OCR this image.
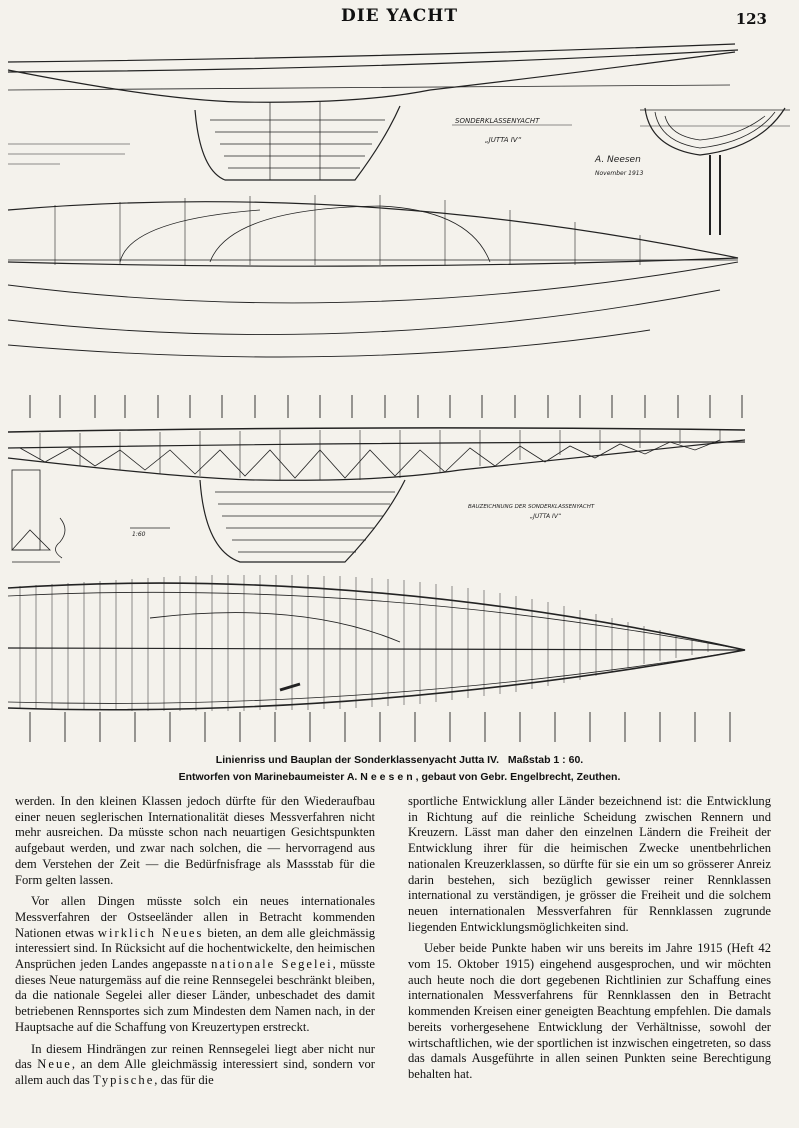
DIE YACHT	123
SONDERKLASSENYACHT
„JUTTA IV“
A. Neesen
November 1913
BAUZEICHNUNG DER SONDERKLASSENYACHT
„JUTTA IV“
1:60
Linienriss und Bauplan der Sonderklassenyacht Jutta IV. Maßstab 1 : 60.
Entworfen von Marinebaumeister A. Neesen, gebaut von Gebr. Engelbrecht, Zeuthen.

werden. In den kleinen Klassen jedoch dürfte für den Wiederaufbau einer neuen seglerischen Internationalität dieses Messverfahren nicht mehr ausreichen. Da müsste schon nach neuartigen Gesichtspunkten aufgebaut werden, und zwar nach solchen, die — hervorragend aus dem Verstehen der Zeit — die Bedürfnisfrage als Massstab für die Form gelten lassen.

Vor allen Dingen müsste solch ein neues internationales Messverfahren der Ostseeländer allen in Betracht kommenden Nationen etwas wirklich Neues bieten, an dem alle gleichmässig interessiert sind. In Rücksicht auf die hochentwickelte, den heimischen Ansprüchen jeden Landes angepasste nationale Segelei, müsste dieses Neue naturgemäss auf die reine Rennsegelei beschränkt bleiben, da die nationale Segelei aller dieser Länder, unbeschadet des damit betriebenen Rennsportes sich zum Mindesten dem Namen nach, in der Hauptsache auf die Schaffung von Kreuzertypen erstreckt.

In diesem Hindrängen zur reinen Rennsegelei liegt aber nicht nur das Neue, an dem Alle gleichmässig interessiert sind, sondern vor allem auch das Typische, das für die

sportliche Entwicklung aller Länder bezeichnend ist: die Entwicklung in Richtung auf die reinliche Scheidung zwischen Rennern und Kreuzern. Lässt man daher den einzelnen Ländern die Freiheit der Entwicklung ihrer für die heimischen Zwecke unentbehrlichen nationalen Kreuzerklassen, so dürfte für sie ein um so grösserer Anreiz darin bestehen, sich bezüglich gewisser reiner Rennklassen international zu verständigen, je grösser die Freiheit und die solchem neuen internationalen Messverfahren für Rennklassen zugrunde liegenden Entwicklungsmöglichkeiten sind.

Ueber beide Punkte haben wir uns bereits im Jahre 1915 (Heft 42 vom 15. Oktober 1915) eingehend ausgesprochen, und wir möchten auch heute noch die dort gegebenen Richtlinien zur Schaffung eines internationalen Messverfahrens für Rennklassen den in Betracht kommenden Kreisen einer geneigten Beachtung empfehlen. Die damals bereits vorhergesehene Entwicklung der Verhältnisse, sowohl der wirtschaftlichen, wie der sportlichen ist inzwischen eingetreten, so dass das damals Ausgeführte in allen seinen Punkten seine Berechtigung behalten hat.
